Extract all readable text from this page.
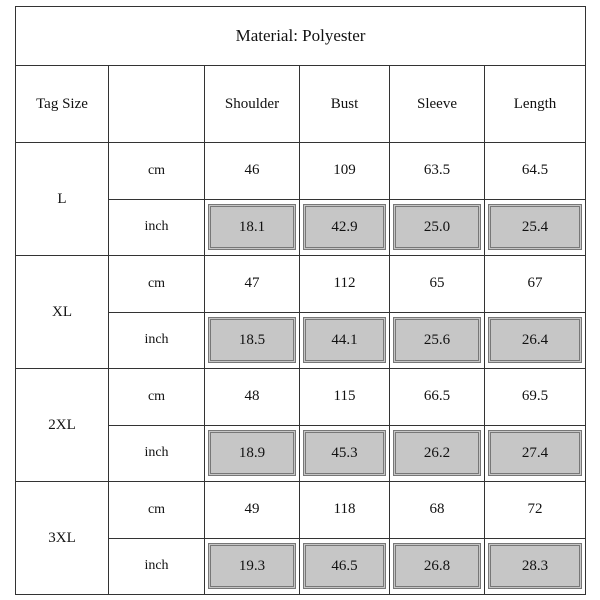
Material: Polyester					
Tag Size		Shoulder	Bust	Sleeve	Length
L	cm	46	109	63.5	64.5
	inch	18.1	42.9	25.0	25.4

XL	cm	47	112	65	67
	inch	18.5	44.1	25.6	26.4

2XL	cm	48	115	66.5	69.5
	inch	18.9	45.3	26.2	27.4

3XL	cm	49	118	68	72
	inch	19.3	46.5	26.8	28.3
